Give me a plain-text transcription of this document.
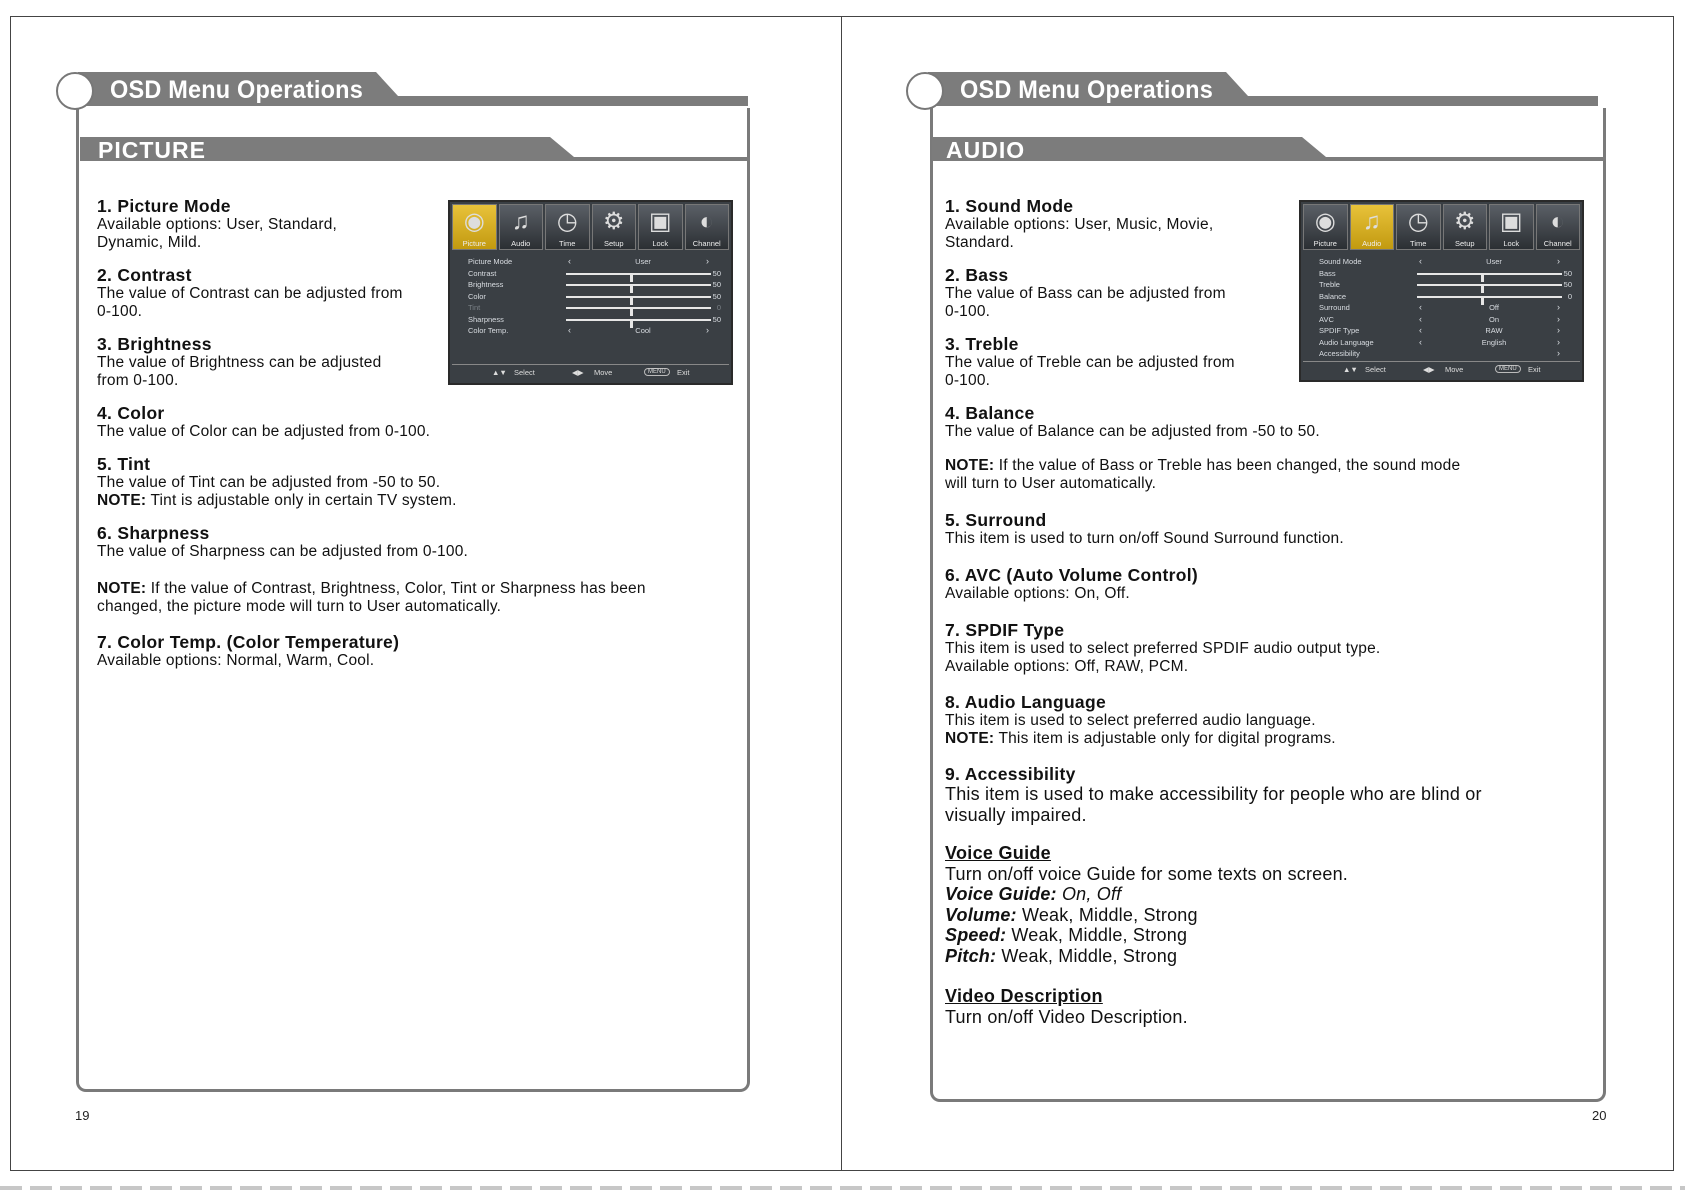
OSD Menu Operations
PICTURE
1. Picture Mode

Available options: User, Standard,

Dynamic, Mild.

2. Contrast

The value of Contrast can be adjusted from

0-100.

3. Brightness

The value of Brightness can be adjusted

from 0-100.

4. Color

The value of Color can be adjusted from 0-100.

5. Tint

The value of Tint can be adjusted from -50 to 50.

NOTE: Tint is adjustable only in certain TV system.

6. Sharpness

The value of Sharpness can be adjusted from 0-100.

NOTE: If the value of Contrast, Brightness, Color, Tint or Sharpness has been

changed, the picture mode will turn to User automatically.

7. Color Temp. (Color Temperature)

Available options: Normal, Warm, Cool.

◉
Picture
♫
Audio
◷
Time
⚙
Setup
▣
Lock
◐
Channel
Picture Mode	‹	User	›
Contrast	50
Brightness	50
Color	50
Tint	0
Sharpness	50
Color Temp.	‹	Cool	›
▲▼ Select	◀▶ Move	MENU	Exit
19
OSD Menu Operations
AUDIO
1. Sound Mode

Available options: User, Music, Movie,

Standard.

2. Bass

The value of Bass can be adjusted from

0-100.

3. Treble

The value of Treble can be adjusted from

0-100.

4. Balance

The value of Balance can be adjusted from -50 to 50.

NOTE: If the value of Bass or Treble has been changed, the sound mode

will turn to User automatically.

5. Surround

This item is used to turn on/off Sound Surround function.

6. AVC (Auto Volume Control)

Available options: On, Off.

7. SPDIF Type

This item is used to select preferred SPDIF audio output type.

Available options: Off, RAW, PCM.

8. Audio Language

This item is used to select preferred audio language.

NOTE: This item is adjustable only for digital programs.

9. Accessibility

This item is used to make accessibility for people who are blind or

visually impaired.

Voice Guide

Turn on/off voice Guide for some texts on screen.

Voice Guide: On, Off

Volume: Weak, Middle, Strong

Speed: Weak, Middle, Strong

Pitch: Weak, Middle, Strong

Video Description

Turn on/off Video Description.

◉
Picture
♫
Audio
◷
Time
⚙
Setup
▣
Lock
◐
Channel
Sound Mode	‹	User	›
Bass	50
Treble	50
Balance	0
Surround	‹	Off	›
AVC	‹	On	›
SPDIF Type	‹	RAW	›
Audio Language	‹	English	›
Accessibility	›
▲▼ Select	◀▶ Move	MENU	Exit
20
